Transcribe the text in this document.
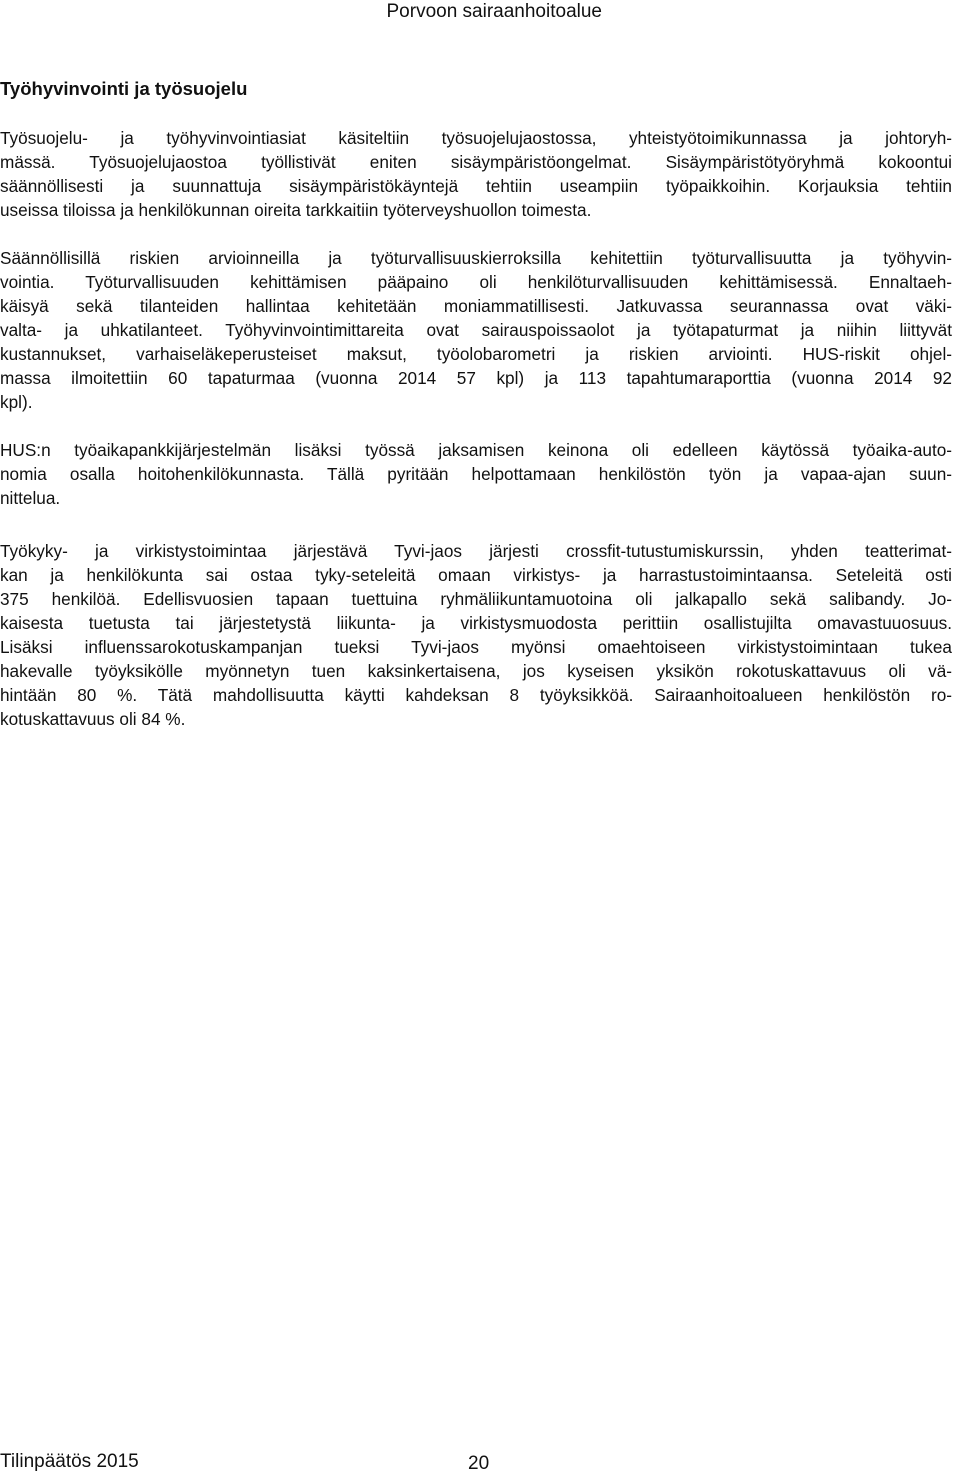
Porvoon sairaanhoitoalue
Työhyvinvointi ja työsuojelu

Työsuojelu- ja työhyvinvointiasiat käsiteltiin työsuojelujaostossa, yhteistyötoimikunnassa ja johtoryh-

mässä. Työsuojelujaostoa työllistivät eniten sisäympäristöongelmat. Sisäympäristötyöryhmä kokoontui

säännöllisesti ja suunnattuja sisäympäristökäyntejä tehtiin useampiin työpaikkoihin. Korjauksia tehtiin

useissa tiloissa ja henkilökunnan oireita tarkkaitiin työterveyshuollon toimesta.

Säännöllisillä riskien arvioinneilla ja työturvallisuuskierroksilla kehitettiin työturvallisuutta ja työhyvin-

vointia. Työturvallisuuden kehittämisen pääpaino oli henkilöturvallisuuden kehittämisessä. Ennaltaeh-

käisyä sekä tilanteiden hallintaa kehitetään moniammatillisesti. Jatkuvassa seurannassa ovat väki-

valta- ja uhkatilanteet. Työhyvinvointimittareita ovat sairauspoissaolot ja työtapaturmat ja niihin liittyvät

kustannukset, varhaiseläkeperusteiset maksut, työolobarometri ja riskien arviointi. HUS-riskit ohjel-

massa ilmoitettiin 60 tapaturmaa (vuonna 2014 57 kpl) ja 113 tapahtumaraporttia (vuonna 2014 92

kpl).

HUS:n työaikapankkijärjestelmän lisäksi työssä jaksamisen keinona oli edelleen käytössä työaika-auto-

nomia osalla hoitohenkilökunnasta. Tällä pyritään helpottamaan henkilöstön työn ja vapaa-ajan suun-

nittelua.

Työkyky- ja virkistystoimintaa järjestävä Tyvi-jaos järjesti crossfit-tutustumiskurssin, yhden teatterimat-

kan ja henkilökunta sai ostaa tyky-seteleitä omaan virkistys- ja harrastustoimintaansa. Seteleitä osti

375 henkilöä. Edellisvuosien tapaan tuettuina ryhmäliikuntamuotoina oli jalkapallo sekä salibandy. Jo-

kaisesta tuetusta tai järjestetystä liikunta- ja virkistysmuodosta perittiin osallistujilta omavastuuosuus.

Lisäksi influenssarokotuskampanjan tueksi Tyvi-jaos myönsi omaehtoiseen virkistystoimintaan tukea

hakevalle työyksikölle myönnetyn tuen kaksinkertaisena, jos kyseisen yksikön rokotuskattavuus oli vä-

hintään 80 %. Tätä mahdollisuutta käytti kahdeksan 8 työyksikköä. Sairaanhoitoalueen henkilöstön ro-

kotuskattavuus oli 84 %.

Tilinpäätös 2015	20
